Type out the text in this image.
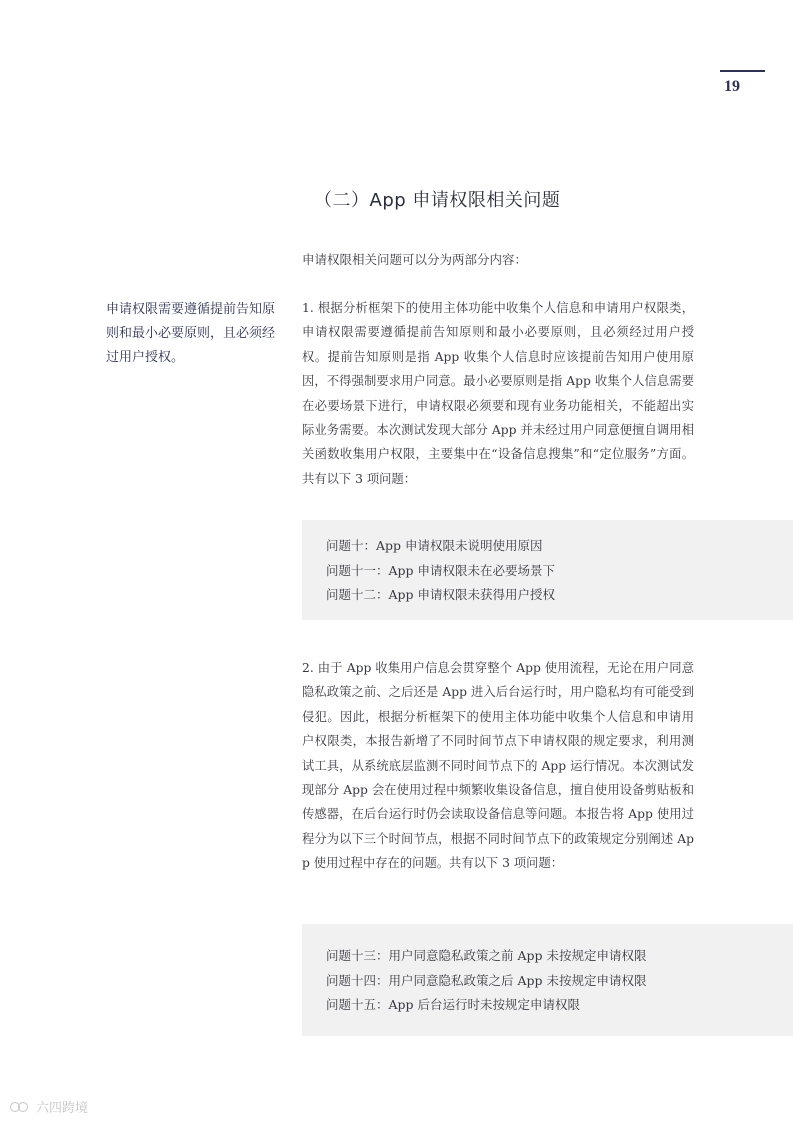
19
（二）App 申请权限相关问题
申请权限相关问题可以分为两部分内容：
申请权限需要遵循提前告知原则和最小必要原则，且必须经过用户授权。
1. 根据分析框架下的使用主体功能中收集个人信息和申请用户权限类，申请权限需要遵循提前告知原则和最小必要原则，且必须经过用户授权。提前告知原则是指 App 收集个人信息时应该提前告知用户使用原因，不得强制要求用户同意。最小必要原则是指 App 收集个人信息需要在必要场景下进行，申请权限必须要和现有业务功能相关，不能超出实际业务需要。本次测试发现大部分 App 并未经过用户同意便擅自调用相关函数收集用户权限，主要集中在“设备信息搜集”和“定位服务”方面。共有以下 3 项问题：
问题十：App 申请权限未说明使用原因
问题十一：App 申请权限未在必要场景下
问题十二：App 申请权限未获得用户授权
2. 由于 App 收集用户信息会贯穿整个 App 使用流程，无论在用户同意隐私政策之前、之后还是 App 进入后台运行时，用户隐私均有可能受到侵犯。因此，根据分析框架下的使用主体功能中收集个人信息和申请用户权限类，本报告新增了不同时间节点下申请权限的规定要求，利用测试工具，从系统底层监测不同时间节点下的 App 运行情况。本次测试发现部分 App 会在使用过程中频繁收集设备信息，擅自使用设备剪贴板和传感器，在后台运行时仍会读取设备信息等问题。本报告将 App 使用过程分为以下三个时间节点，根据不同时间节点下的政策规定分别阐述 App 使用过程中存在的问题。共有以下 3 项问题：
问题十三：用户同意隐私政策之前 App 未按规定申请权限
问题十四：用户同意隐私政策之后 App 未按规定申请权限
问题十五：App 后台运行时未按规定申请权限
六四跨境
